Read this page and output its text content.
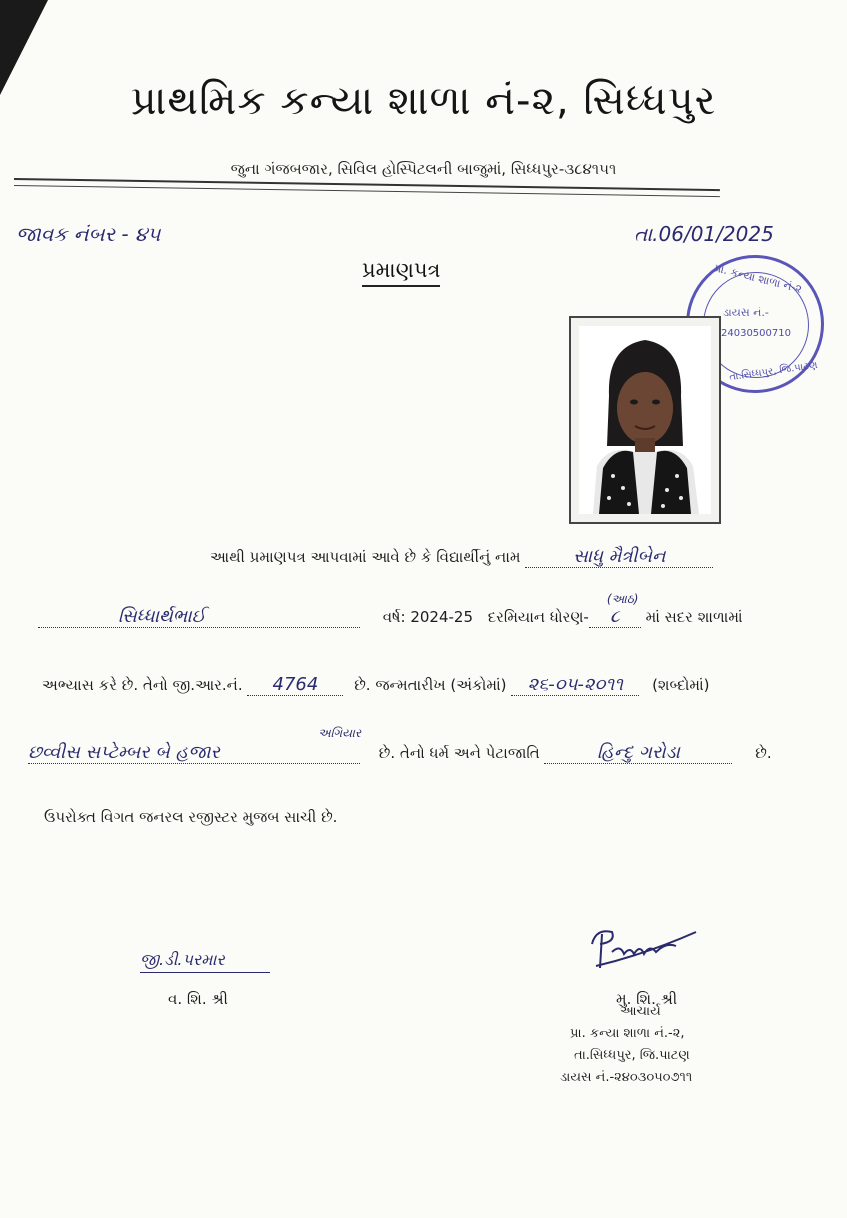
પ્રાથમિક કન્યા શાળા નં-૨, સિધ્ધપુર
જુના ગંજબજાર, સિવિલ હોસ્પિટલની બાજુમાં, સિધ્ધપુર-૩૮૪૧૫૧
જાવક નંબર - ૪૫	તા.06/01/2025
પ્રમાણપત્ર	પ્રા. કન્યા શાળા નં-૨
ડાયસ નં.-
24030500710
તા.સિધ્ધપુર, જિ.પાટણ
આથી પ્રમાણપત્ર આપવામાં આવે છે કે વિદ્યાર્થીનું નામ	સાધુ મૈત્રીબેન
સિધ્ધાર્થભાઈ	વર્ષ: 2024-25 દરમિયાન ધોરણ- ૮
(આઠ)
માં સદર શાળામાં
અભ્યાસ કરે છે. તેનો જી.આર.નં. 4764 છે. જન્મતારીખ (અંકોમાં) ૨૬-૦૫-૨૦૧૧ (શબ્દોમાં)
છવ્વીસ સપ્ટેમ્બર બે હજાર
અગિયાર
છે. તેનો ધર્મ અને પેટાજાતિ	હિન્દુ ગરોડા	છે.
ઉપરોક્ત વિગત જનરલ રજીસ્ટર મુજબ સાચી છે.
જી.ડી.પરમાર
વ. શિ. શ્રી
Parmar
મુ. શિ. શ્રી
આચાર્ય
પ્રા. કન્યા શાળા નં.-૨,
તા.સિધ્ધપુર, જિ.પાટણ
ડાયસ નં.-૨૪૦૩૦૫૦૭૧૧
